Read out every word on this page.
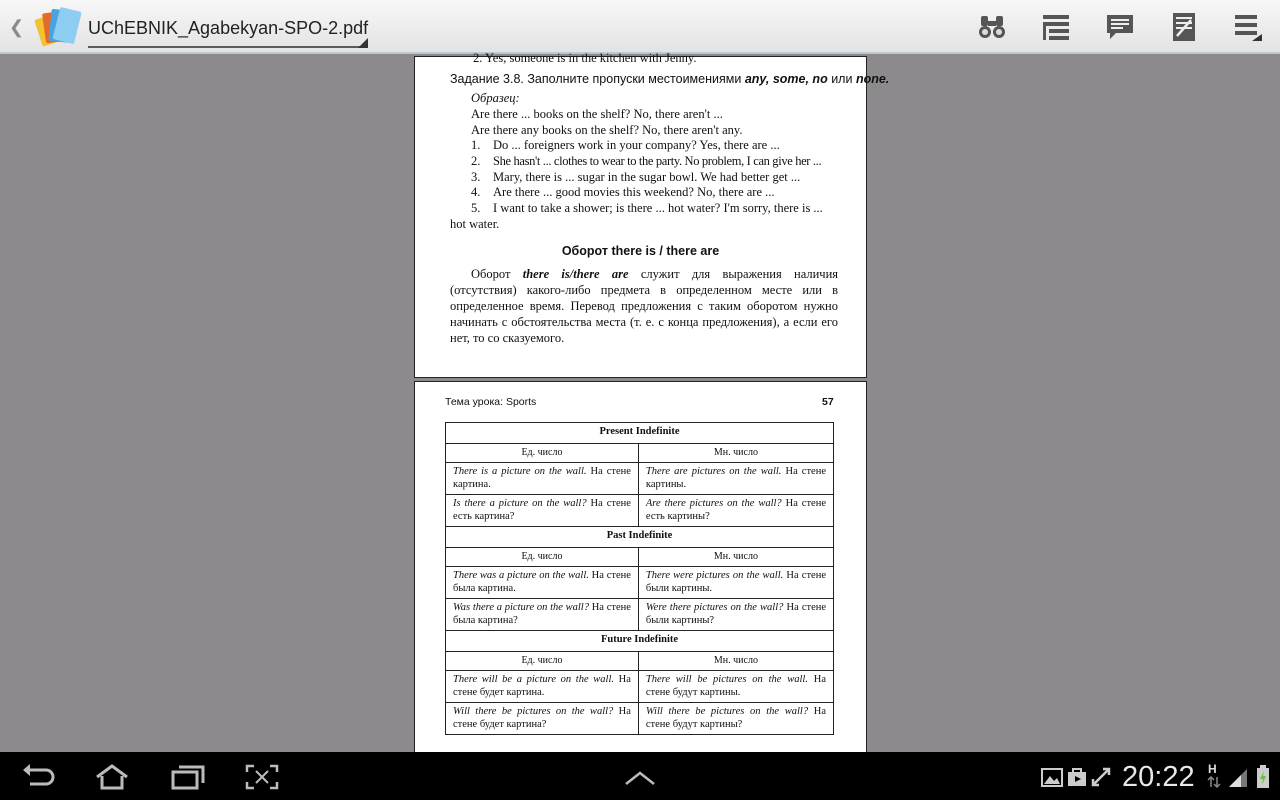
❮	UChEBNIK_Agabekyan-SPO-2.pdf
2. Yes, someone is in the kitchen with Jenny.
Задание 3.8. Заполните пропуски местоимениями any, some, no или none.
Образец:
Are there ... books on the shelf? No, there aren't ...
Are there any books on the shelf? No, there aren't any.
1. Do ... foreigners work in your company? Yes, there are ...
2. She hasn't ... clothes to wear to the party. No problem, I can give her ...
3. Mary, there is ... sugar in the sugar bowl. We had better get ...
4. Are there ... good movies this weekend? No, there are ...
5. I want to take a shower; is there ... hot water? I'm sorry, there is ...
hot water.
Оборот there is / there are

Оборот there is/there are служит для выражения наличия (отсутствия) какого-либо предмета в определенном месте или в определенное время. Перевод предложения с таким оборотом нужно начинать с обстоятельства места (т. е. с конца предложения), а если его нет, то со сказуемого.

Тема урока: Sports	57
Present Indefinite	
Ед. число	Мн. число
There is a picture on the wall. На стене картина.	There are pictures on the wall. На стене картины.
Is there a picture on the wall? На стене есть картина?	Are there pictures on the wall? На стене есть картины?
Past Indefinite	
Ед. число	Мн. число
There was a picture on the wall. На стене была картина.	There were pictures on the wall. На стене были картины.
Was there a picture on the wall? На стене была картина?	Were there pictures on the wall? На стене были картины?
Future Indefinite	
Ед. число	Мн. число
There will be a picture on the wall. На стене будет картина.	There will be pictures on the wall. На стене будут картины.
Will there be pictures on the wall? На стене будет картина?	Will there be pictures on the wall? На стене будут картины?
20:22 H
